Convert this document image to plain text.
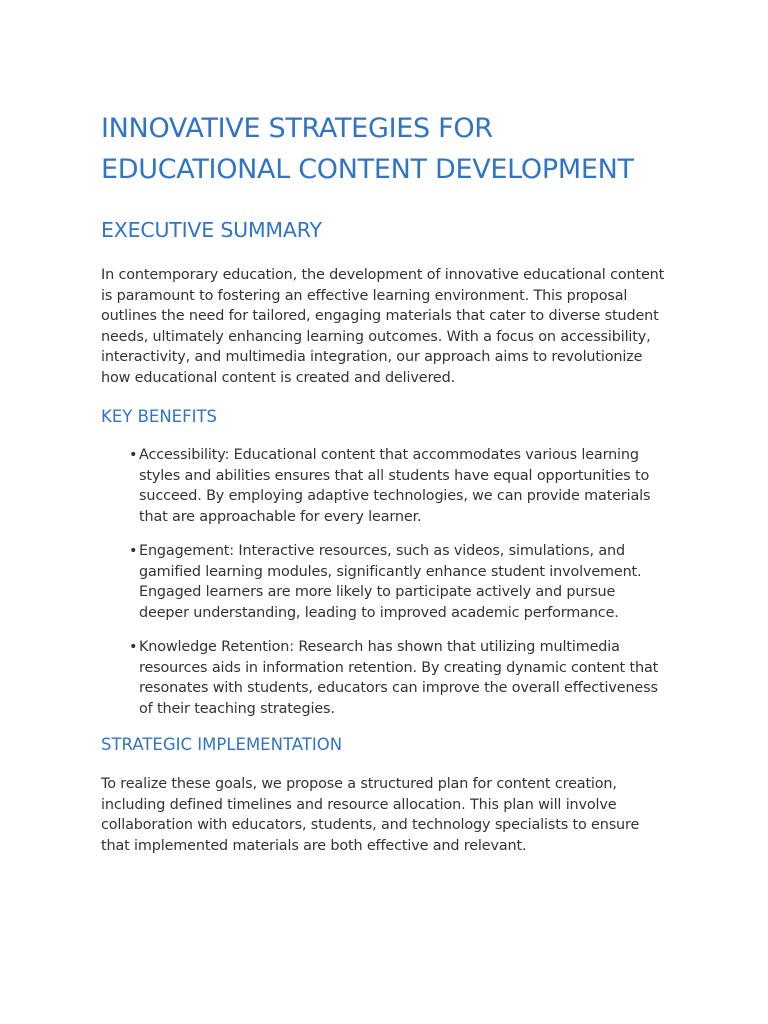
INNOVATIVE STRATEGIES FOR EDUCATIONAL CONTENT DEVELOPMENT
EXECUTIVE SUMMARY

In contemporary education, the development of innovative educational content is paramount to fostering an effective learning environment. This proposal outlines the need for tailored, engaging materials that cater to diverse student needs, ultimately enhancing learning outcomes. With a focus on accessibility, interactivity, and multimedia integration, our approach aims to revolutionize how educational content is created and delivered.

KEY BENEFITS
• Accessibility: Educational content that accommodates various learning styles and abilities ensures that all students have equal opportunities to succeed. By employing adaptive technologies, we can provide materials that are approachable for every learner.
• Engagement: Interactive resources, such as videos, simulations, and gamified learning modules, significantly enhance student involvement. Engaged learners are more likely to participate actively and pursue deeper understanding, leading to improved academic performance.
• Knowledge Retention: Research has shown that utilizing multimedia resources aids in information retention. By creating dynamic content that resonates with students, educators can improve the overall effectiveness of their teaching strategies.
STRATEGIC IMPLEMENTATION

To realize these goals, we propose a structured plan for content creation, including defined timelines and resource allocation. This plan will involve collaboration with educators, students, and technology specialists to ensure that implemented materials are both effective and relevant.
